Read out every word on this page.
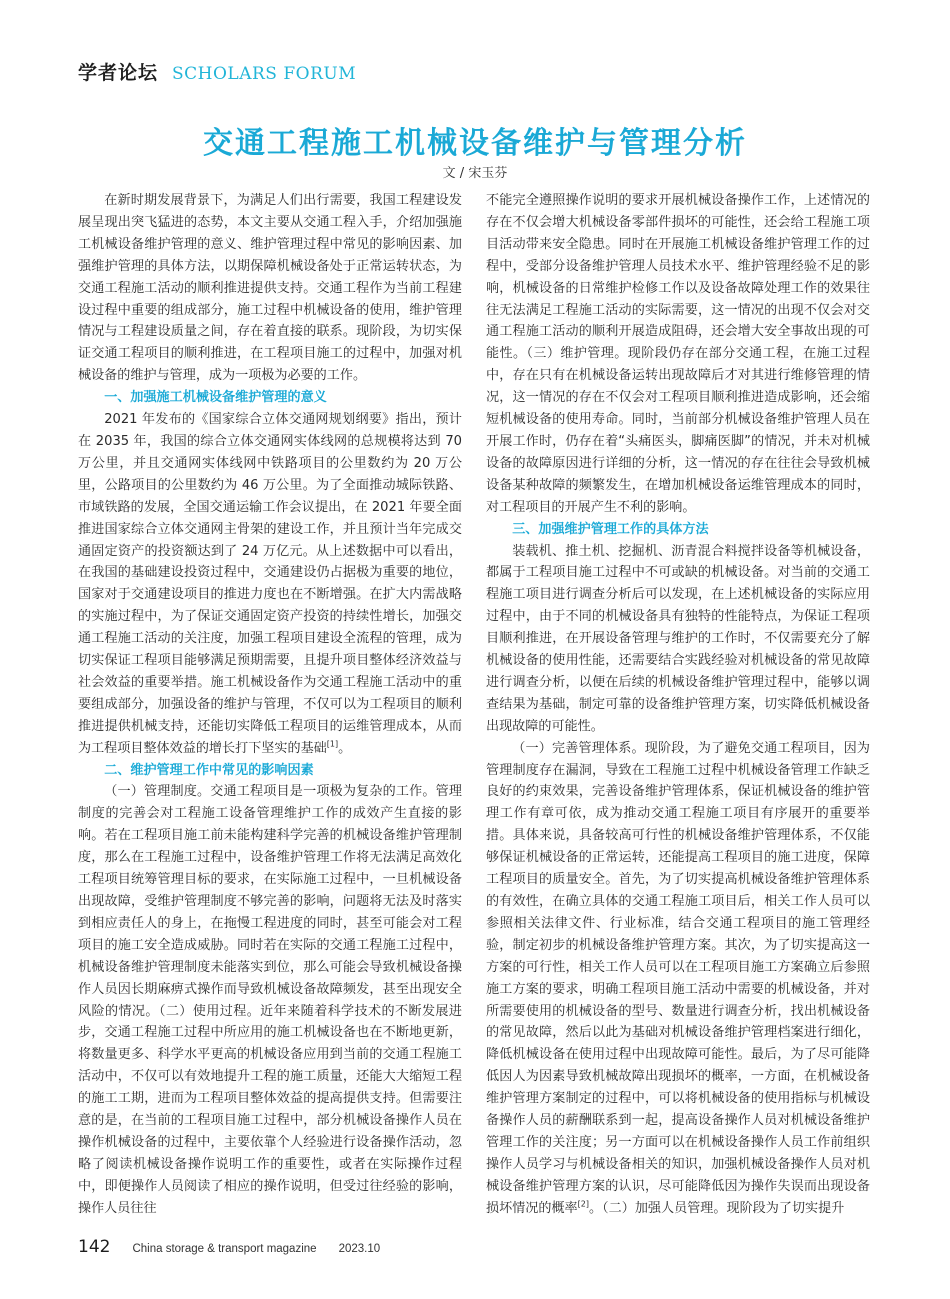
学者论坛 SCHOLARS FORUM
交通工程施工机械设备维护与管理分析
文 / 宋玉芬

在新时期发展背景下，为满足人们出行需要，我国工程建设发展呈现出突飞猛进的态势，本文主要从交通工程入手，介绍加强施工机械设备维护管理的意义、维护管理过程中常见的影响因素、加强维护管理的具体方法，以期保障机械设备处于正常运转状态，为交通工程施工活动的顺利推进提供支持。交通工程作为当前工程建设过程中重要的组成部分，施工过程中机械设备的使用，维护管理情况与工程建设质量之间，存在着直接的联系。现阶段，为切实保证交通工程项目的顺利推进，在工程项目施工的过程中，加强对机械设备的维护与管理，成为一项极为必要的工作。

一、加强施工机械设备维护管理的意义

2021 年发布的《国家综合立体交通网规划纲要》指出，预计在 2035 年，我国的综合立体交通网实体线网的总规模将达到 70 万公里，并且交通网实体线网中铁路项目的公里数约为 20 万公里，公路项目的公里数约为 46 万公里。为了全面推动城际铁路、市域铁路的发展，全国交通运输工作会议提出，在 2021 年要全面推进国家综合立体交通网主骨架的建设工作，并且预计当年完成交通固定资产的投资额达到了 24 万亿元。从上述数据中可以看出，在我国的基础建设投资过程中，交通建设仍占据极为重要的地位，国家对于交通建设项目的推进力度也在不断增强。在扩大内需战略的实施过程中，为了保证交通固定资产投资的持续性增长，加强交通工程施工活动的关注度，加强工程项目建设全流程的管理，成为切实保证工程项目能够满足预期需要，且提升项目整体经济效益与社会效益的重要举措。施工机械设备作为交通工程施工活动中的重要组成部分，加强设备的维护与管理，不仅可以为工程项目的顺利推进提供机械支持，还能切实降低工程项目的运维管理成本，从而为工程项目整体效益的增长打下坚实的基础[1]。

二、维护管理工作中常见的影响因素

（一）管理制度。交通工程项目是一项极为复杂的工作。管理制度的完善会对工程施工设备管理维护工作的成效产生直接的影响。若在工程项目施工前未能构建科学完善的机械设备维护管理制度，那么在工程施工过程中，设备维护管理工作将无法满足高效化工程项目统筹管理目标的要求，在实际施工过程中，一旦机械设备出现故障，受维护管理制度不够完善的影响，问题将无法及时落实到相应责任人的身上，在拖慢工程进度的同时，甚至可能会对工程项目的施工安全造成威胁。同时若在实际的交通工程施工过程中，机械设备维护管理制度未能落实到位，那么可能会导致机械设备操作人员因长期麻痹式操作而导致机械设备故障频发，甚至出现安全风险的情况。（二）使用过程。近年来随着科学技术的不断发展进步，交通工程施工过程中所应用的施工机械设备也在不断地更新，将数量更多、科学水平更高的机械设备应用到当前的交通工程施工活动中，不仅可以有效地提升工程的施工质量，还能大大缩短工程的施工工期，进而为工程项目整体效益的提高提供支持。但需要注意的是，在当前的工程项目施工过程中，部分机械设备操作人员在操作机械设备的过程中，主要依靠个人经验进行设备操作活动，忽略了阅读机械设备操作说明工作的重要性，或者在实际操作过程中，即便操作人员阅读了相应的操作说明，但受过往经验的影响，操作人员往往

不能完全遵照操作说明的要求开展机械设备操作工作，上述情况的存在不仅会增大机械设备零部件损坏的可能性，还会给工程施工项目活动带来安全隐患。同时在开展施工机械设备维护管理工作的过程中，受部分设备维护管理人员技术水平、维护管理经验不足的影响，机械设备的日常维护检修工作以及设备故障处理工作的效果往往无法满足工程施工活动的实际需要，这一情况的出现不仅会对交通工程施工活动的顺利开展造成阻碍，还会增大安全事故出现的可能性。（三）维护管理。现阶段仍存在部分交通工程，在施工过程中，存在只有在机械设备运转出现故障后才对其进行维修管理的情况，这一情况的存在不仅会对工程项目顺利推进造成影响，还会缩短机械设备的使用寿命。同时，当前部分机械设备维护管理人员在开展工作时，仍存在着“头痛医头，脚痛医脚”的情况，并未对机械设备的故障原因进行详细的分析，这一情况的存在往往会导致机械设备某种故障的频繁发生，在增加机械设备运维管理成本的同时，对工程项目的开展产生不利的影响。

三、加强维护管理工作的具体方法

装载机、推土机、挖掘机、沥青混合料搅拌设备等机械设备，都属于工程项目施工过程中不可或缺的机械设备。对当前的交通工程施工项目进行调查分析后可以发现，在上述机械设备的实际应用过程中，由于不同的机械设备具有独特的性能特点，为保证工程项目顺利推进，在开展设备管理与维护的工作时，不仅需要充分了解机械设备的使用性能，还需要结合实践经验对机械设备的常见故障进行调查分析，以便在后续的机械设备维护管理过程中，能够以调查结果为基础，制定可靠的设备维护管理方案，切实降低机械设备出现故障的可能性。

（一）完善管理体系。现阶段，为了避免交通工程项目，因为管理制度存在漏洞，导致在工程施工过程中机械设备管理工作缺乏良好的约束效果，完善设备维护管理体系，保证机械设备的维护管理工作有章可依，成为推动交通工程施工项目有序展开的重要举措。具体来说，具备较高可行性的机械设备维护管理体系，不仅能够保证机械设备的正常运转，还能提高工程项目的施工进度，保障工程项目的质量安全。首先，为了切实提高机械设备维护管理体系的有效性，在确立具体的交通工程施工项目后，相关工作人员可以参照相关法律文件、行业标准，结合交通工程项目的施工管理经验，制定初步的机械设备维护管理方案。其次，为了切实提高这一方案的可行性，相关工作人员可以在工程项目施工方案确立后参照施工方案的要求，明确工程项目施工活动中需要的机械设备，并对所需要使用的机械设备的型号、数量进行调查分析，找出机械设备的常见故障，然后以此为基础对机械设备维护管理档案进行细化，降低机械设备在使用过程中出现故障可能性。最后，为了尽可能降低因人为因素导致机械故障出现损坏的概率，一方面，在机械设备维护管理方案制定的过程中，可以将机械设备的使用指标与机械设备操作人员的薪酬联系到一起，提高设备操作人员对机械设备维护管理工作的关注度；另一方面可以在机械设备操作人员工作前组织操作人员学习与机械设备相关的知识，加强机械设备操作人员对机械设备维护管理方案的认识，尽可能降低因为操作失误而出现设备损坏情况的概率[2]。（二）加强人员管理。现阶段为了切实提升

142 China storage & transport magazine 2023.10
